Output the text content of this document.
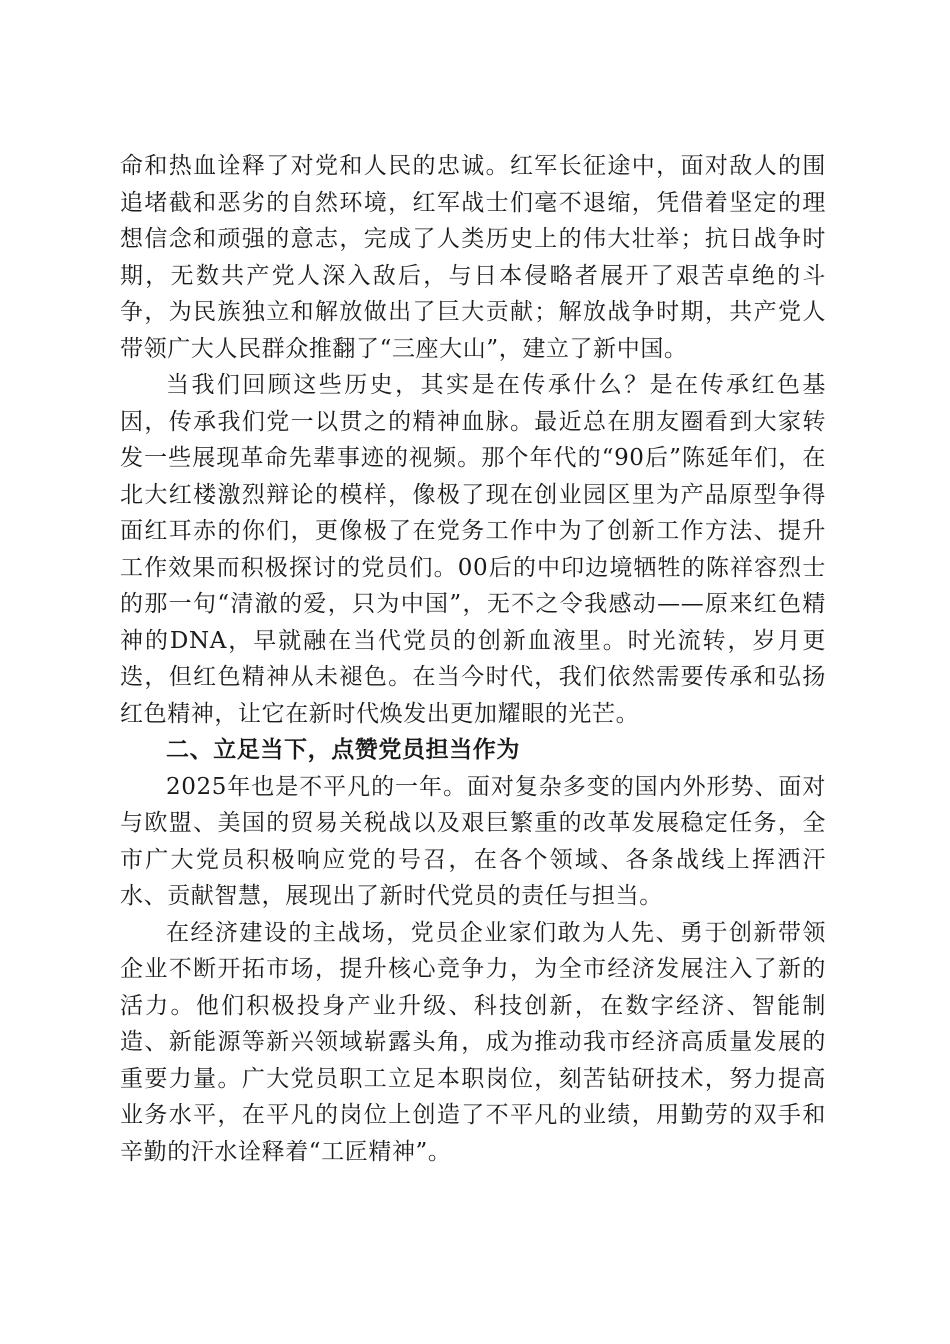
命和热血诠释了对党和人民的忠诚。红军长征途中，面对敌人的围追堵截和恶劣的自然环境，红军战士们毫不退缩，凭借着坚定的理想信念和顽强的意志，完成了人类历史上的伟大壮举；抗日战争时期，无数共产党人深入敌后，与日本侵略者展开了艰苦卓绝的斗争，为民族独立和解放做出了巨大贡献；解放战争时期，共产党人带领广大人民群众推翻了“三座大山”，建立了新中国。

当我们回顾这些历史，其实是在传承什么？是在传承红色基因，传承我们党一以贯之的精神血脉。最近总在朋友圈看到大家转发一些展现革命先辈事迹的视频。那个年代的“90后”陈延年们，在北大红楼激烈辩论的模样，像极了现在创业园区里为产品原型争得面红耳赤的你们，更像极了在党务工作中为了创新工作方法、提升工作效果而积极探讨的党员们。00后的中印边境牺牲的陈祥容烈士的那一句“清澈的爱，只为中国”，无不之令我感动——原来红色精神的DNA，早就融在当代党员的创新血液里。时光流转，岁月更迭，但红色精神从未褪色。在当今时代，我们依然需要传承和弘扬红色精神，让它在新时代焕发出更加耀眼的光芒。

二、立足当下，点赞党员担当作为

2025年也是不平凡的一年。面对复杂多变的国内外形势、面对与欧盟、美国的贸易关税战以及艰巨繁重的改革发展稳定任务，全市广大党员积极响应党的号召，在各个领域、各条战线上挥洒汗水、贡献智慧，展现出了新时代党员的责任与担当。

在经济建设的主战场，党员企业家们敢为人先、勇于创新带领企业不断开拓市场，提升核心竞争力，为全市经济发展注入了新的活力。他们积极投身产业升级、科技创新，在数字经济、智能制造、新能源等新兴领域崭露头角，成为推动我市经济高质量发展的重要力量。广大党员职工立足本职岗位，刻苦钻研技术，努力提高业务水平，在平凡的岗位上创造了不平凡的业绩，用勤劳的双手和辛勤的汗水诠释着“工匠精神”。
